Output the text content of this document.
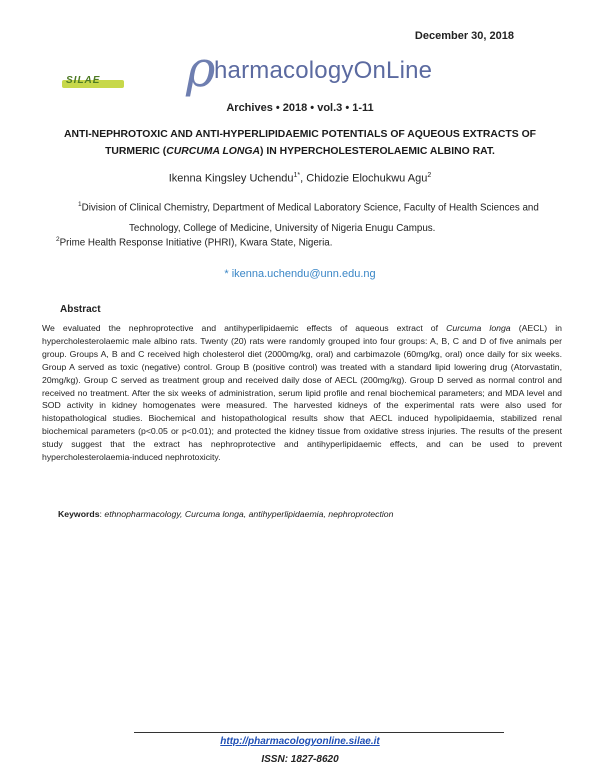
December 30, 2018
SILAE ρ
harmacologyOnLine
Archives • 2018 • vol.3 • 1-11
ANTI-NEPHROTOXIC AND ANTI-HYPERLIPIDAEMIC POTENTIALS OF AQUEOUS EXTRACTS OF TURMERIC (CURCUMA LONGA) IN HYPERCHOLESTEROLAEMIC ALBINO RAT.
Ikenna Kingsley Uchendu$^{1*}$, Chidozie Elochukwu Agu$^2$
$^1$Division of Clinical Chemistry, Department of Medical Laboratory Science, Faculty of Health Sciences and
Technology, College of Medicine, University of Nigeria Enugu Campus.
$^2$Prime Health Response Initiative (PHRI), Kwara State, Nigeria.
* ikenna.uchendu@unn.edu.ng
Abstract
We evaluated the nephroprotective and antihyperlipidaemic effects of aqueous extract of Curcuma longa (AECL) in hypercholesterolaemic male albino rats. Twenty (20) rats were randomly grouped into four groups: A, B, C and D of five animals per group. Groups A, B and C received high cholesterol diet (2000mg/kg, oral) and carbimazole (60mg/kg, oral) once daily for six weeks. Group A served as toxic (negative) control. Group B (positive control) was treated with a standard lipid lowering drug (Atorvastatin, 20mg/kg). Group C served as treatment group and received daily dose of AECL (200mg/kg). Group D served as normal control and received no treatment. After the six weeks of administration, serum lipid profile and renal biochemical parameters; and MDA level and SOD activity in kidney homogenates were measured. The harvested kidneys of the experimental rats were also used for histopathological studies. Biochemical and histopathological results show that AECL induced hypolipidaemia, stabilized renal biochemical parameters (p<0.05 or p<0.01); and protected the kidney tissue from oxidative stress injuries. The results of the present study suggest that the extract has nephroprotective and antihyperlipidaemic effects, and can be used to prevent hypercholesterolaemia-induced nephrotoxicity.
Keywords: ethnopharmacology, Curcuma longa, antihyperlipidaemia, nephroprotection
http://pharmacologyonline.silae.it
ISSN: 1827-8620
